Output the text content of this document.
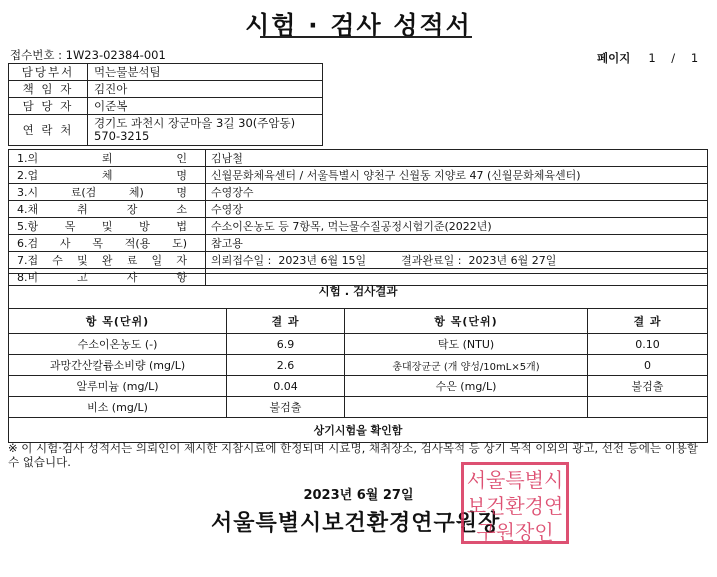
시험 · 검사 성적서
접수번호 : 1W23-02384-001	페이지 1 / 1
담당부서	먹는물분석팀
책 임 자	김진아
담 당 자	이준복
연 락 처	경기도 과천시 장군마을 3길 30(주암동)
570-3215
1.의 뢰 인	김남철
2.업 체 명	신월문화체육센터 / 서울특별시 양천구 신월동 지양로 47 (신월문화체육센터)
3.시 료(검 체) 명	수영장수
4.채 취 장 소	수영장
5.항 목 및 방 법	수소이온농도 등 7항목, 먹는물수질공정시험기준(2022년)
6.검 사 목 적(용 도)	참고용
7.접 수 및 완 료 일 자	의뢰접수일 :  2023년 6월 15일          결과완료일 :  2023년 6월 27일
8.비 고 사 항	
시험 . 검사결과			
항 목(단위)	결 과	항 목(단위)	결 과
수소이온농도 (-)	6.9	탁도 (NTU)	0.10
과망간산칼륨소비량 (mg/L)	2.6	총대장균군 (개 양성/10mL×5개)	0
알루미늄 (mg/L)	0.04	수은 (mg/L)	불검출
비소 (mg/L)	불검출		
상기시험을 확인함			
※ 이 시험·검사 성적서는 의뢰인이 제시한 지참시료에 한정되며 시료명, 채취장소, 검사목적 등 상기 목적 이외의 광고, 선전 등에는 이용할 수 없습니다.
2023년 6월 27일
서울특별시보건환경연구원장
서울특별시
보건환경연
구원장인
